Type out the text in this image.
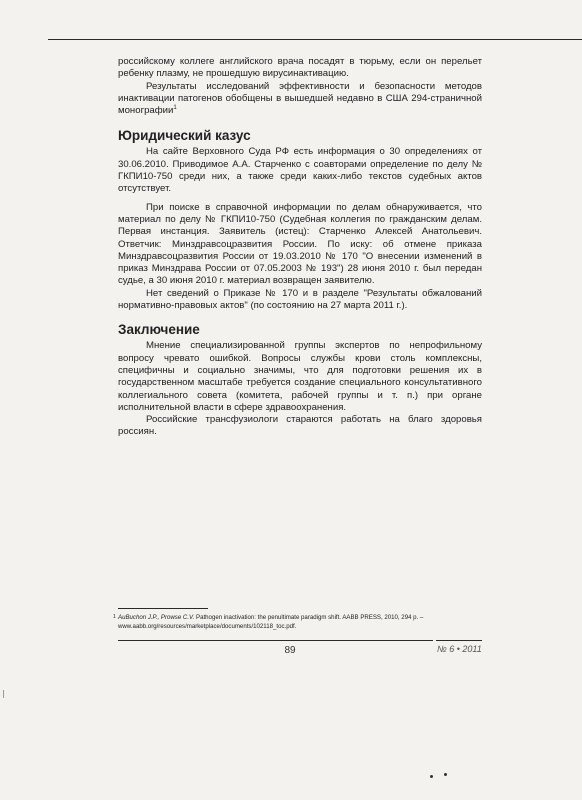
российскому коллеге английского врача посадят в тюрьму, если он перельет ребенку плазму, не прошедшую вирусинактивацию.

Результаты исследований эффективности и безопасности методов инактивации патогенов обобщены в вышедшей недавно в США 294-страничной монографии$^1$

Юридический казус

На сайте Верховного Суда РФ есть информация о 30 определениях от 30.06.2010. Приводимое А.А. Старченко с соавторами определение по делу № ГКПИ10-750 среди них, а также среди каких-либо текстов судебных актов отсутствует.

При поиске в справочной информации по делам обнаруживается, что материал по делу № ГКПИ10-750 (Судебная коллегия по гражданским делам. Первая инстанция. Заявитель (истец): Старченко Алексей Анатольевич. Ответчик: Минздравсоцразвития России. По иску: об отмене приказа Минздравсоцразвития России от 19.03.2010 № 170 "О внесении изменений в приказ Минздрава России от 07.05.2003 № 193") 28 июня 2010 г. был передан судье, а 30 июня 2010 г. материал возвращен заявителю.

Нет сведений о Приказе № 170 и в разделе "Результаты обжалований нормативно-правовых актов" (по состоянию на 27 марта 2011 г.).

Заключение

Мнение специализированной группы экспертов по непрофильному вопросу чревато ошибкой. Вопросы службы крови столь комплексны, специфичны и социально значимы, что для подготовки решения их в государственном масштабе требуется создание специального консультативного коллегиального совета (комитета, рабочей группы и т. п.) при органе исполнительной власти в сфере здравоохранения.

Российские трансфузиологи стараются работать на благо здоровья россиян.

1 AuBuchon J.P., Prowse C.V. Pathogen inactivation: the penultimate paradigm shift. AABB PRESS, 2010, 294 p. – www.aabb.org/resources/marketplace/documents/102118_toc.pdf.
89	№ 6 • 2011
